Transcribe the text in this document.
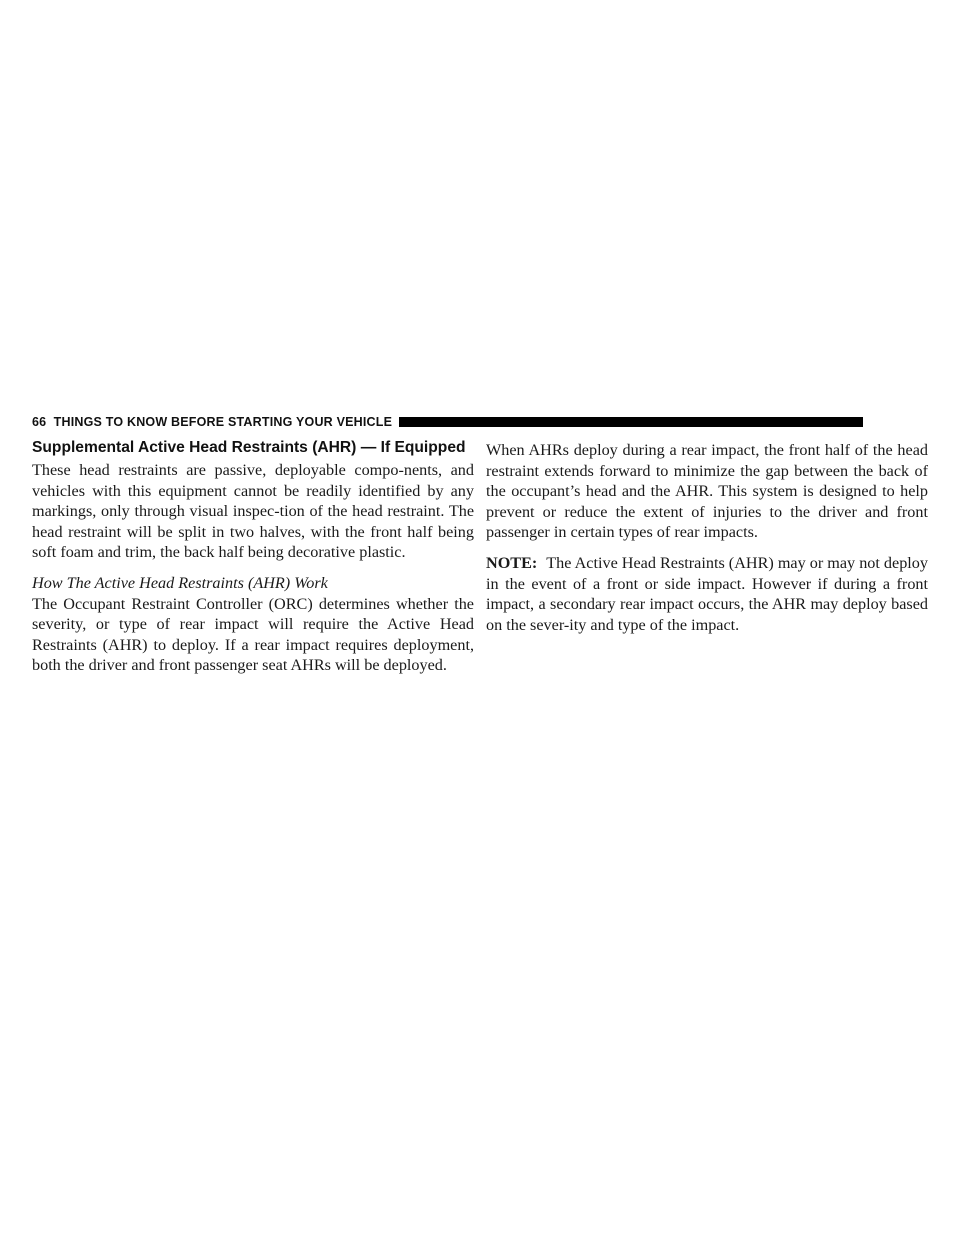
66 THINGS TO KNOW BEFORE STARTING YOUR VEHICLE
Supplemental Active Head Restraints (AHR) — If Equipped

These head restraints are passive, deployable compo-nents, and vehicles with this equipment cannot be readily identified by any markings, only through visual inspec-tion of the head restraint. The head restraint will be split in two halves, with the front half being soft foam and trim, the back half being decorative plastic.

How The Active Head Restraints (AHR) Work

The Occupant Restraint Controller (ORC) determines whether the severity, or type of rear impact will require the Active Head Restraints (AHR) to deploy. If a rear impact requires deployment, both the driver and front passenger seat AHRs will be deployed.

When AHRs deploy during a rear impact, the front half of the head restraint extends forward to minimize the gap between the back of the occupant’s head and the AHR. This system is designed to help prevent or reduce the extent of injuries to the driver and front passenger in certain types of rear impacts.

NOTE: The Active Head Restraints (AHR) may or may not deploy in the event of a front or side impact. However if during a front impact, a secondary rear impact occurs, the AHR may deploy based on the sever-ity and type of the impact.
